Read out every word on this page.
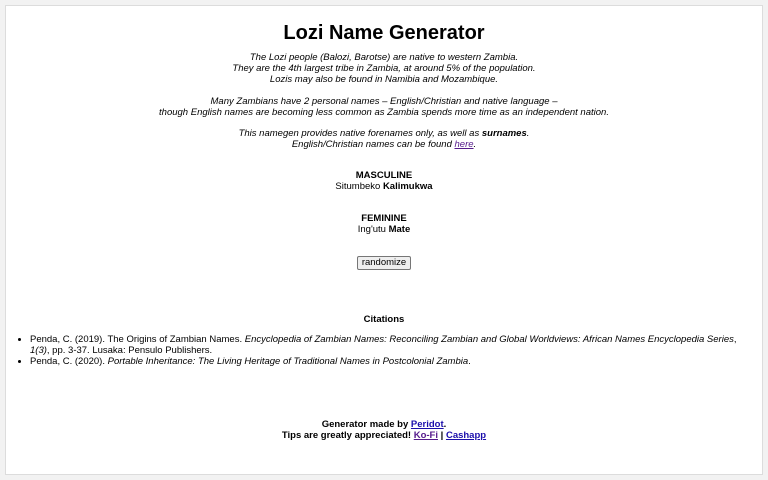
Lozi Name Generator

The Lozi people (Balozi, Barotse) are native to western Zambia.
They are the 4th largest tribe in Zambia, at around 5% of the population.
Lozis may also be found in Namibia and Mozambique.

Many Zambians have 2 personal names – English/Christian and native language –
though English names are becoming less common as Zambia spends more time as an independent nation.

This namegen provides native forenames only, as well as surnames.
English/Christian names can be found here.

MASCULINE
Situmbeko Kalimukwa
FEMININE
Ing'utu Mate
randomize
Citations
• Penda, C. (2019). The Origins of Zambian Names. Encyclopedia of Zambian Names: Reconciling Zambian and Global Worldviews: African Names Encyclopedia Series, 1(3), pp. 3-37. Lusaka: Pensulo Publishers.
• Penda, C. (2020). Portable Inheritance: The Living Heritage of Traditional Names in Postcolonial Zambia.
Generator made by Peridot.
Tips are greatly appreciated! Ko-Fi | Cashapp
